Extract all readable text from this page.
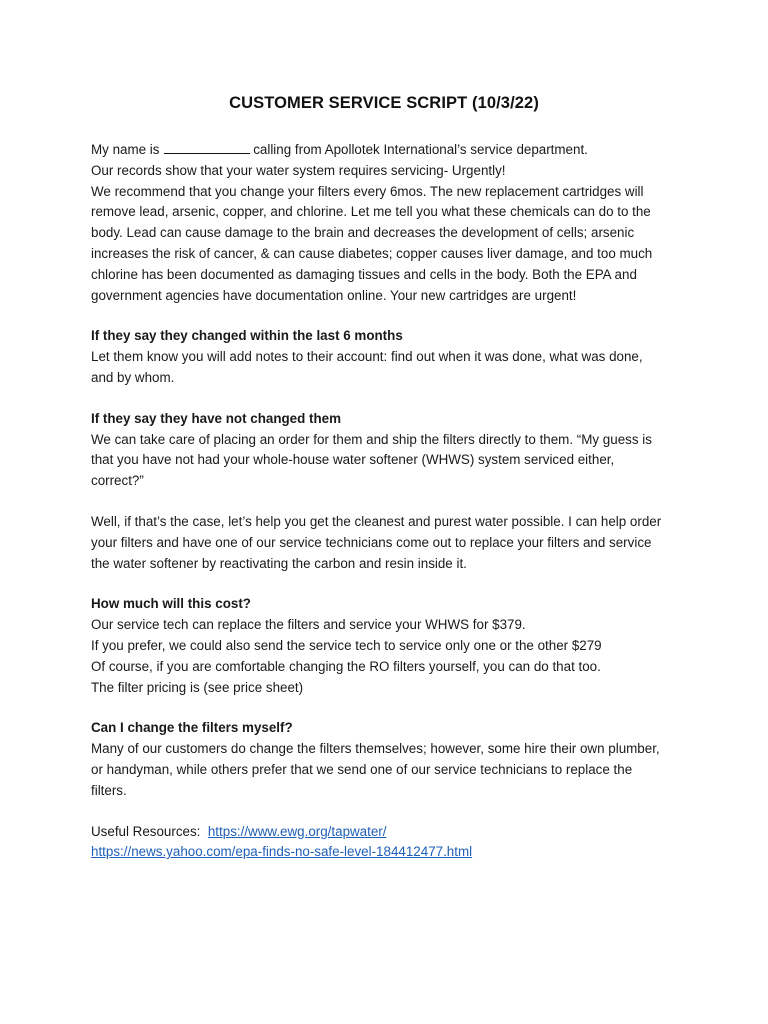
CUSTOMER SERVICE SCRIPT (10/3/22)
My name is	calling from Apollotek International’s service department.
Our records show that your water system requires servicing- Urgently!
We recommend that you change your filters every 6mos. The new replacement cartridges will
remove lead, arsenic, copper, and chlorine. Let me tell you what these chemicals can do to the
body. Lead can cause damage to the brain and decreases the development of cells; arsenic
increases the risk of cancer, & can cause diabetes; copper causes liver damage, and too much
chlorine has been documented as damaging tissues and cells in the body. Both the EPA and
government agencies have documentation online. Your new cartridges are urgent!
If they say they changed within the last 6 months
Let them know you will add notes to their account: find out when it was done, what was done,
and by whom.
If they say they have not changed them
We can take care of placing an order for them and ship the filters directly to them. “My guess is
that you have not had your whole-house water softener (WHWS) system serviced either,
correct?”
Well, if that’s the case, let’s help you get the cleanest and purest water possible. I can help order
your filters and have one of our service technicians come out to replace your filters and service
the water softener by reactivating the carbon and resin inside it.
How much will this cost?
Our service tech can replace the filters and service your WHWS for $379.
If you prefer, we could also send the service tech to service only one or the other $279
Of course, if you are comfortable changing the RO filters yourself, you can do that too.
The filter pricing is (see price sheet)
Can I change the filters myself?
Many of our customers do change the filters themselves; however, some hire their own plumber,
or handyman, while others prefer that we send one of our service technicians to replace the
filters.
Useful Resources: https://www.ewg.org/tapwater/
https://news.yahoo.com/epa-finds-no-safe-level-184412477.html
